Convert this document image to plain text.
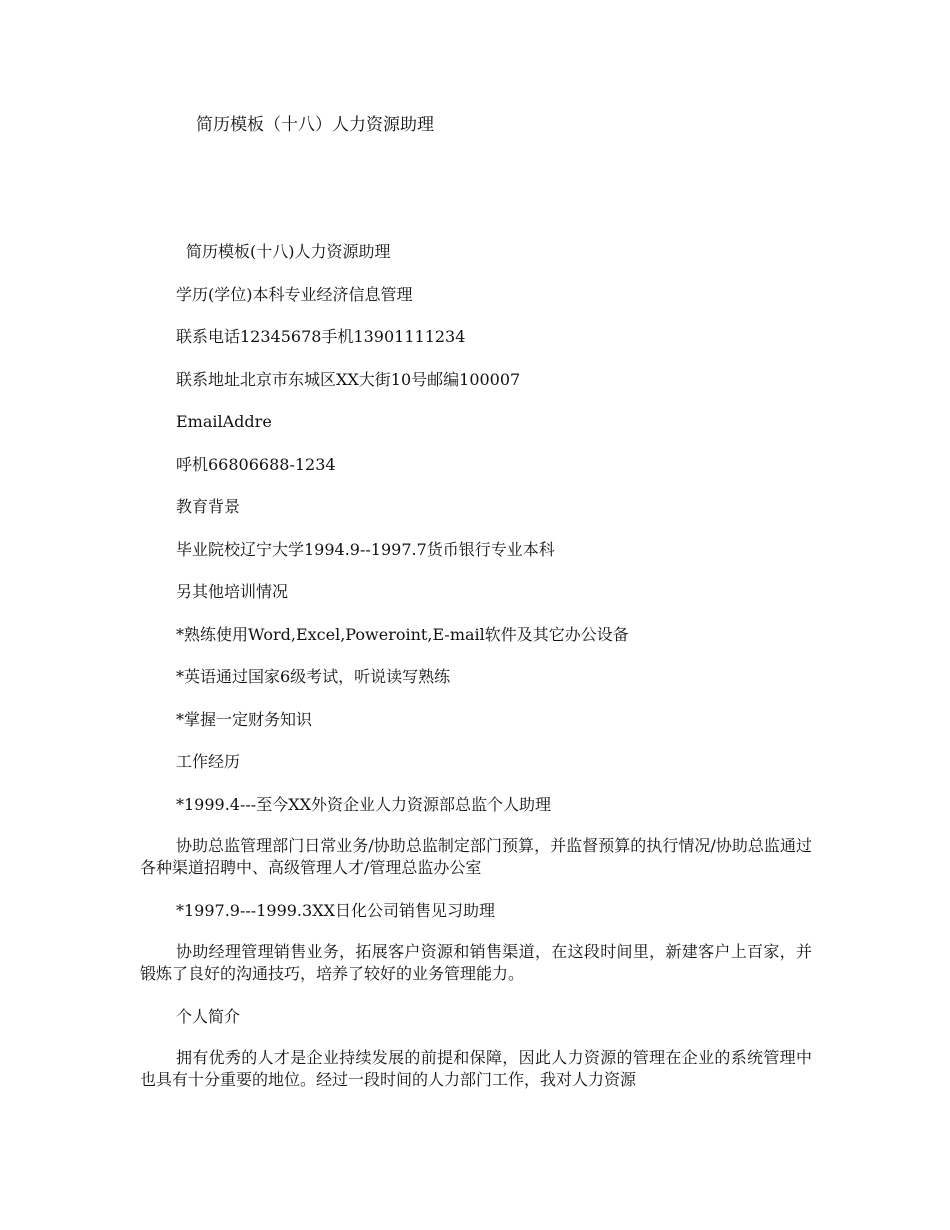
简历模板（十八）人力资源助理

简历模板(十八)人力资源助理

学历(学位)本科专业经济信息管理

联系电话12345678手机13901111234

联系地址北京市东城区XX大街10号邮编100007

EmailAddre

呼机66806688-1234

教育背景

毕业院校辽宁大学1994.9--1997.7货币银行专业本科

另其他培训情况

*熟练使用Word,Excel,Poweroint,E-mail软件及其它办公设备

*英语通过国家6级考试，听说读写熟练

*掌握一定财务知识

工作经历

*1999.4---至今XX外资企业人力资源部总监个人助理

协助总监管理部门日常业务/协助总监制定部门预算，并监督预算的执行情况/协助总监通过各种渠道招聘中、高级管理人才/管理总监办公室

*1997.9---1999.3XX日化公司销售见习助理

协助经理管理销售业务，拓展客户资源和销售渠道，在这段时间里，新建客户上百家，并锻炼了良好的沟通技巧，培养了较好的业务管理能力。

个人简介

拥有优秀的人才是企业持续发展的前提和保障，因此人力资源的管理在企业的系统管理中也具有十分重要的地位。经过一段时间的人力部门工作，我对人力资源
